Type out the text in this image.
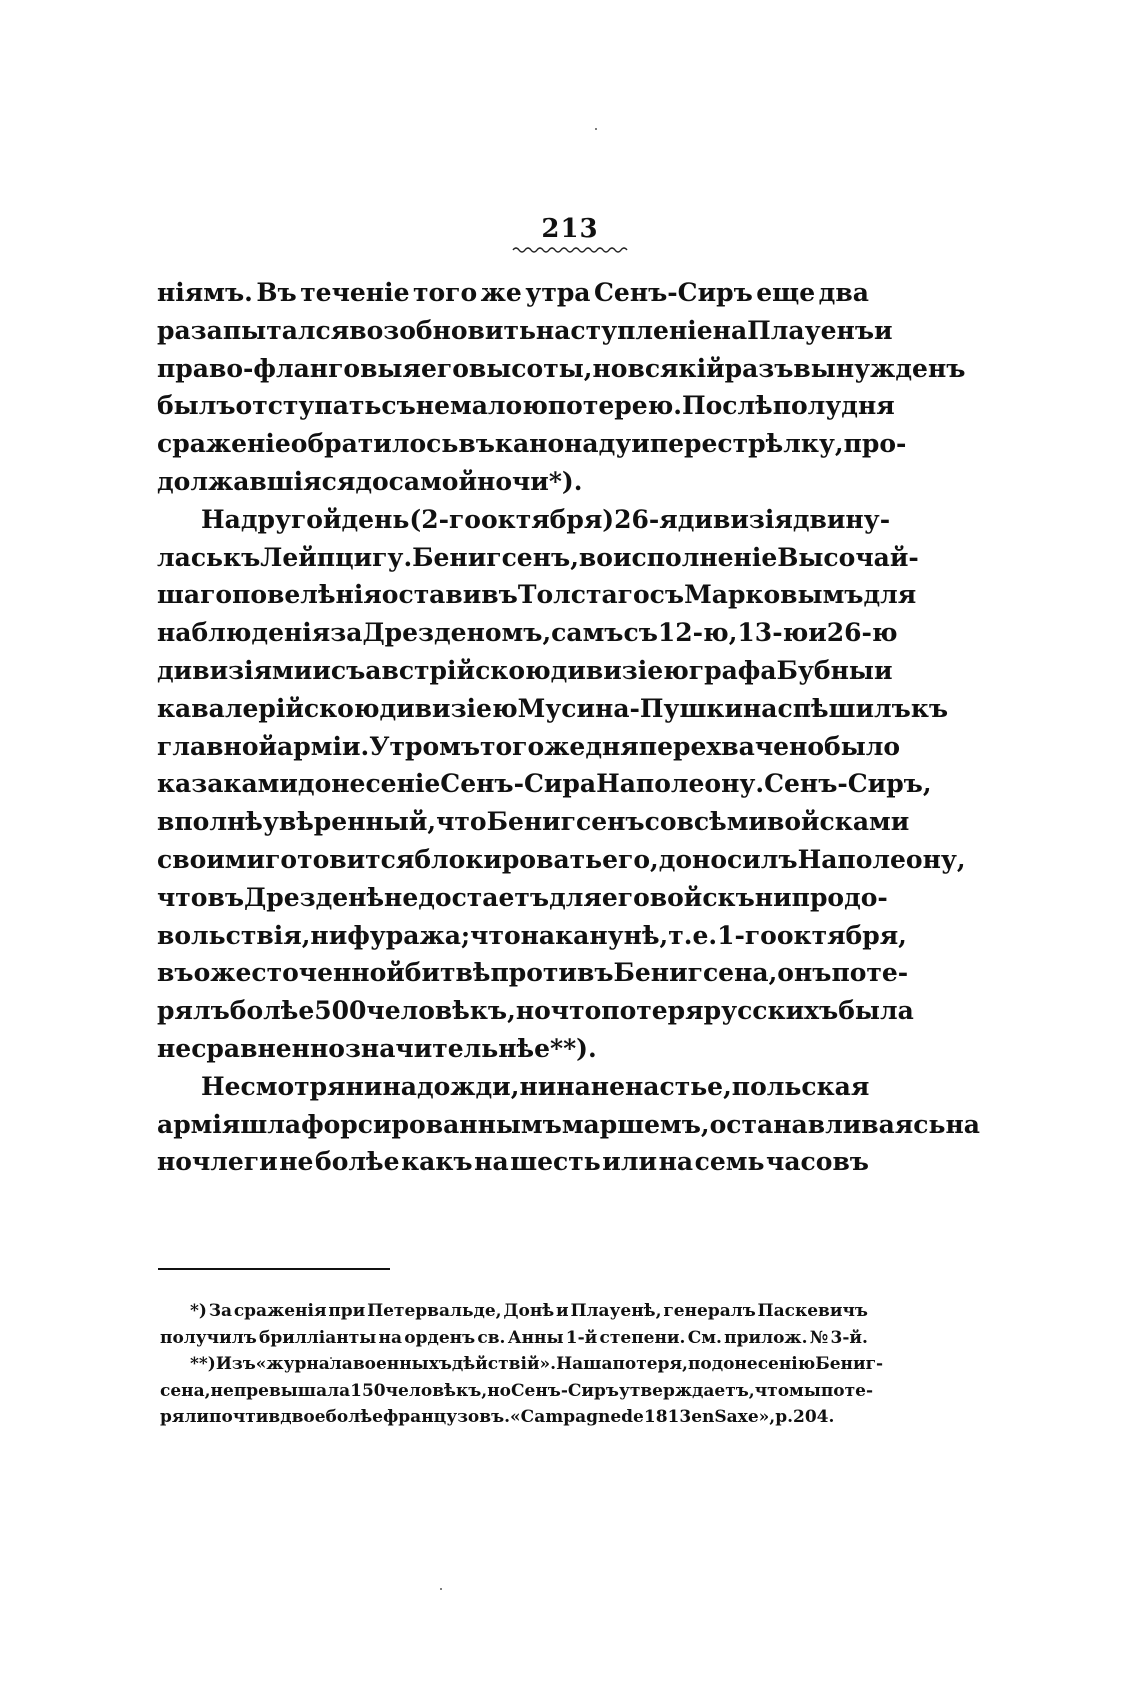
213
ніямъ. Въ теченіе того же утра Сенъ-Сиръ еще два
раза пытался возобновить наступленіе на Плауенъ и
право-фланговыя его высоты, но всякій разъ вынужденъ
былъ отступать съ немалою потерею. Послѣ полудня
сраженіе обратилось въ канонаду и перестрѣлку, про-
должавшіяся до самой ночи *).
На другой день (2-го октября) 26-я дивизія двину-
лась къ Лейпцигу. Бенигсенъ, во исполненіе Высочай-
шаго повелѣнія оставивъ Толстаго съ Марковымъ для
наблюденія за Дрезденомъ, самъ съ 12-ю, 13-ю и 26-ю
дивизіями и съ австрійскою дивизіею графа Бубны и
кавалерійскою дивизіею Мусина-Пушкина спѣшилъ къ
главной арміи. Утромъ того же дня перехвачено было
казаками донесеніе Сенъ-Сира Наполеону. Сенъ-Сиръ,
вполнѣ увѣренный, что Бенигсенъ со всѣми войсками
своими готовится блокировать его, доносилъ Наполеону,
что въ Дрезденѣ недостаетъ для его войскъ ни продо-
вольствія, ни фуража; что наканунѣ, т. е. 1-го октября,
въ ожесточенной битвѣ противъ Бенигсена, онъ поте-
рялъ болѣе 500 человѣкъ, но что потеря русскихъ была
несравненно значительнѣе **).
Несмотря ни на дожди, ни на ненастье, польская
армія шла форсированнымъ маршемъ, останавливаясь на
ночлеги не болѣе какъ на шесть или на семь часовъ
*) За сраженія при Петервальде, Донѣ и Плауенѣ, генералъ Паскевичъ
получилъ брилліанты на орденъ св. Анны 1-й степени. См. прилож. № 3-й.
**) Изъ «журнала военныхъ дѣйствій». Наша потеря, по донесенію Бениг-
сена, не превышала 150 человѣкъ, но Сенъ-Сиръ утверждаетъ, что мы поте-
ряли почти вдвое болѣе французовъ. «Campagne de 1813 en Saxe», p. 204.
